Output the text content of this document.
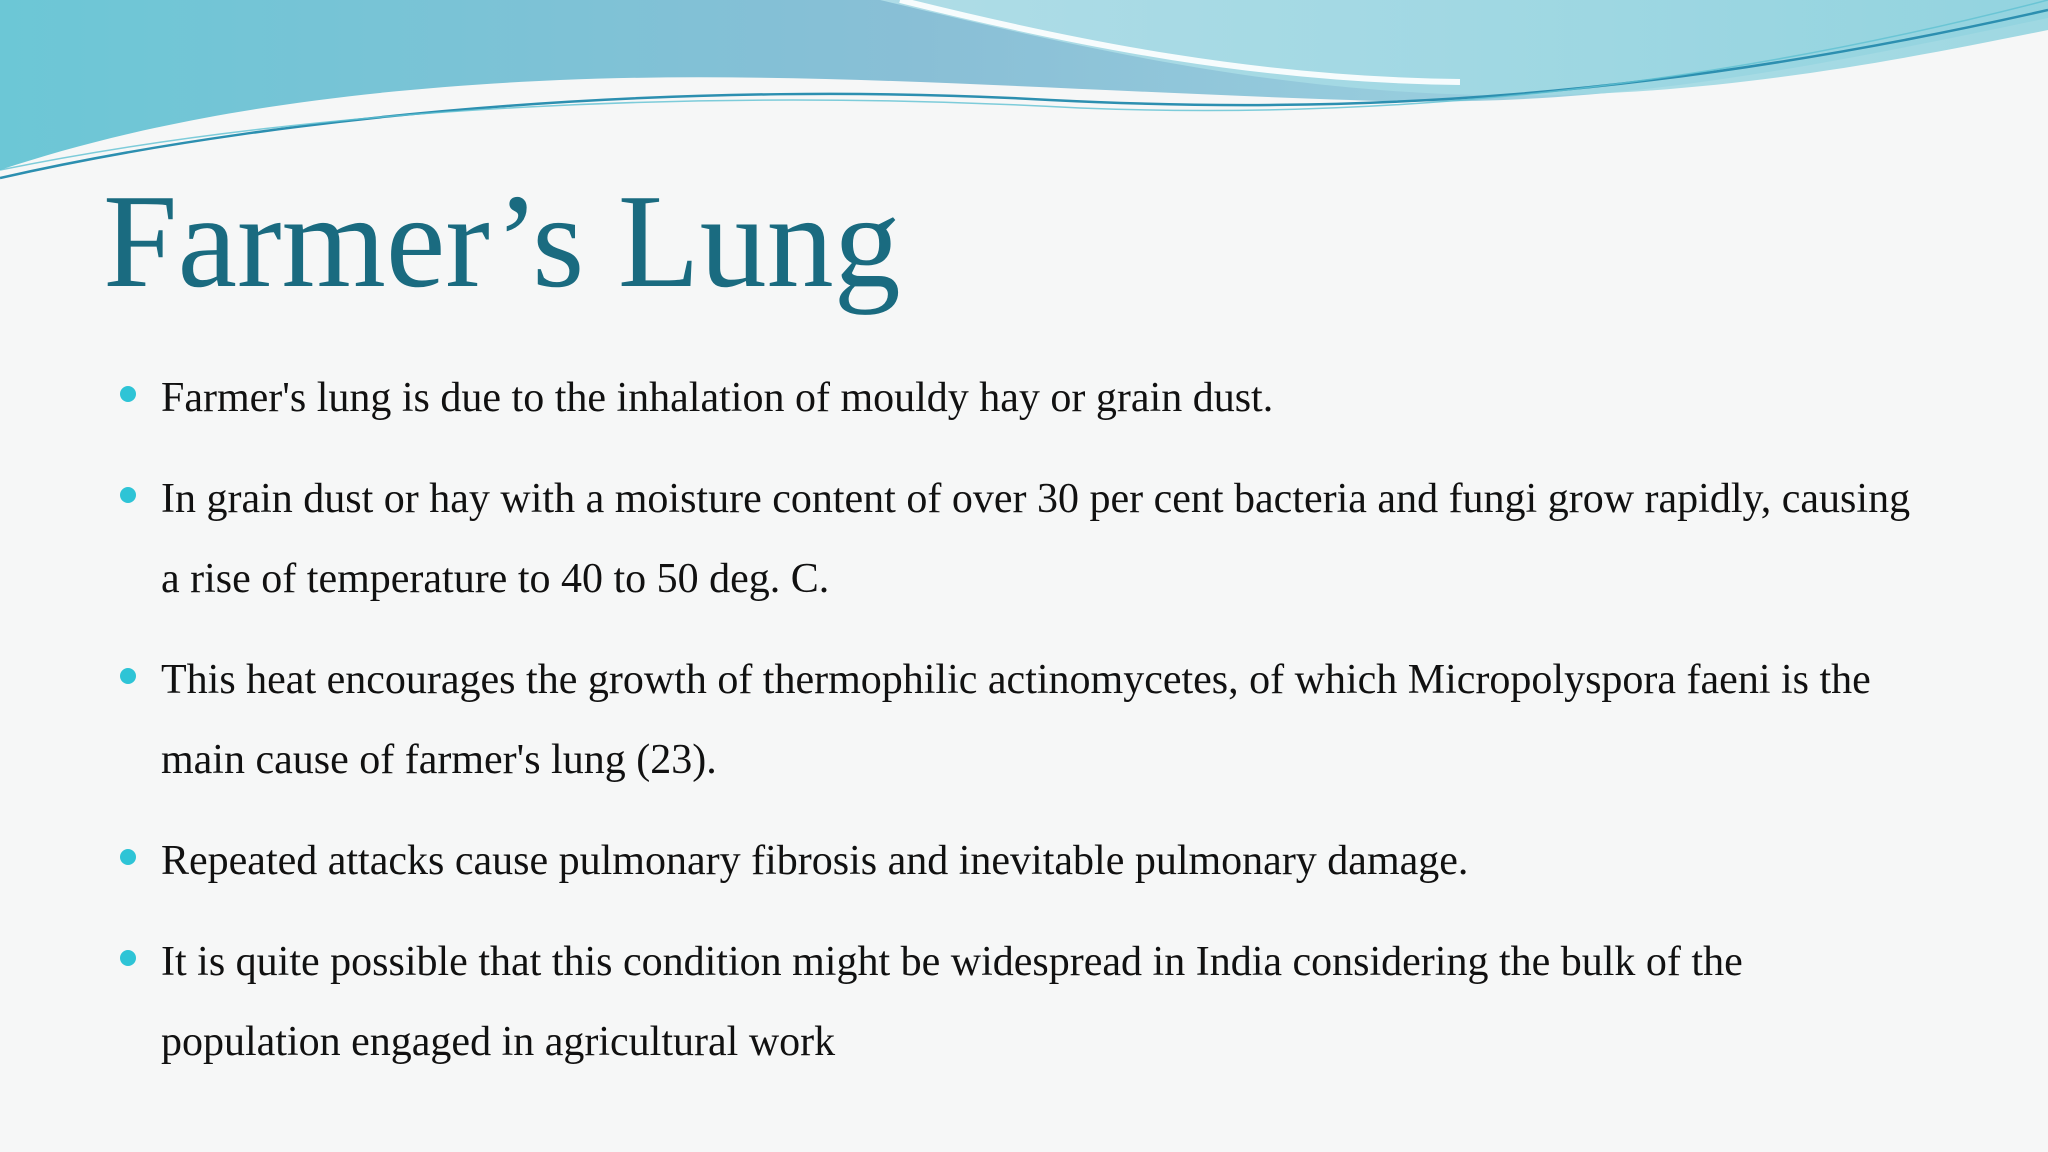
Farmer’s Lung
Farmer's lung is due to the inhalation of mouldy hay or grain dust.
In grain dust or hay with a moisture content of over 30 per cent bacteria and fungi grow rapidly, causing a rise of temperature to 40 to 50 deg. C.
This heat encourages the growth of thermophilic actinomycetes, of which Micropolyspora faeni is the main cause of farmer's lung (23).
Repeated attacks cause pulmonary fibrosis and inevitable pulmonary damage.
It is quite possible that this condition might be widespread in India considering the bulk of the population engaged in agricultural work
